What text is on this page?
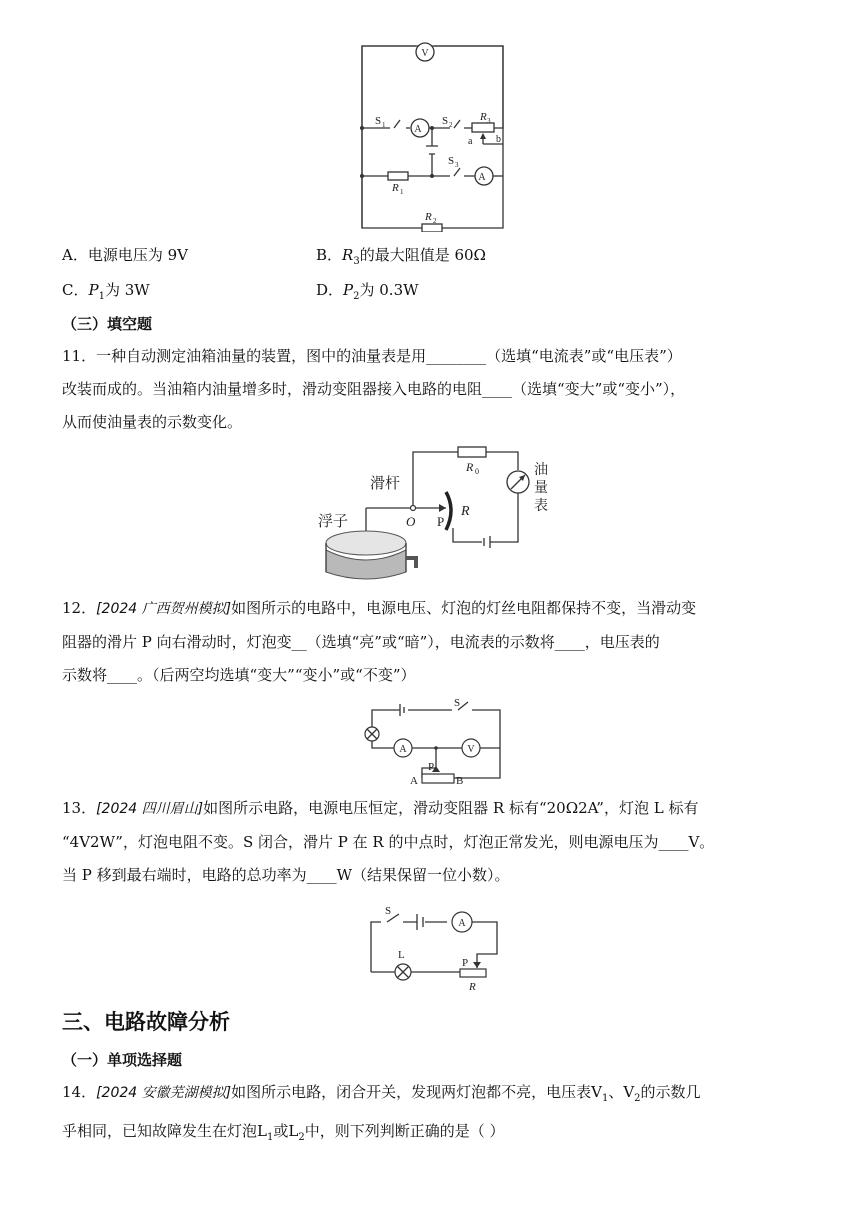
V
A
S 1	S 2
R 3
a b
R 1
S 3
A
R 2
A．电源电压为 9V	B．$R_3$的最大阻值是 60Ω
C．$P_1$为 3W	D．$P_2$为 0.3W
（三）填空题
11．一种自动测定油箱油量的装置，图中的油量表是用________（选填“电流表”或“电压表”）
改装而成的。当油箱内油量增多时，滑动变阻器接入电路的电阻____（选填“变大”或“变小”），
从而使油量表的示数变化。
R 0	油
量
表
R
P
O
滑杆
浮子
12．[2024 广西贺州模拟]如图所示的电路中，电源电压、灯泡的灯丝电阻都保持不变，当滑动变
阻器的滑片 P 向右滑动时，灯泡变__（选填“亮”或“暗”），电流表的示数将____，电压表的
示数将____。（后两空均选填“变大”“变小”或“不变”）
S
A	V
P
A	B
13．[2024 四川眉山]如图所示电路，电源电压恒定，滑动变阻器 R 标有“20Ω2A”，灯泡 L 标有
“4V2W”，灯泡电阻不变。S 闭合，滑片 P 在 R 的中点时，灯泡正常发光，则电源电压为____V。
当 P 移到最右端时，电路的总功率为____W（结果保留一位小数）。
S
A
P
R
L
三、电路故障分析
（一）单项选择题
14．[2024 安徽芜湖模拟]如图所示电路，闭合开关，发现两灯泡都不亮，电压表$V_1$、$V_2$的示数几
乎相同，已知故障发生在灯泡$L_1$或$L_2$中，则下列判断正确的是（ ）
